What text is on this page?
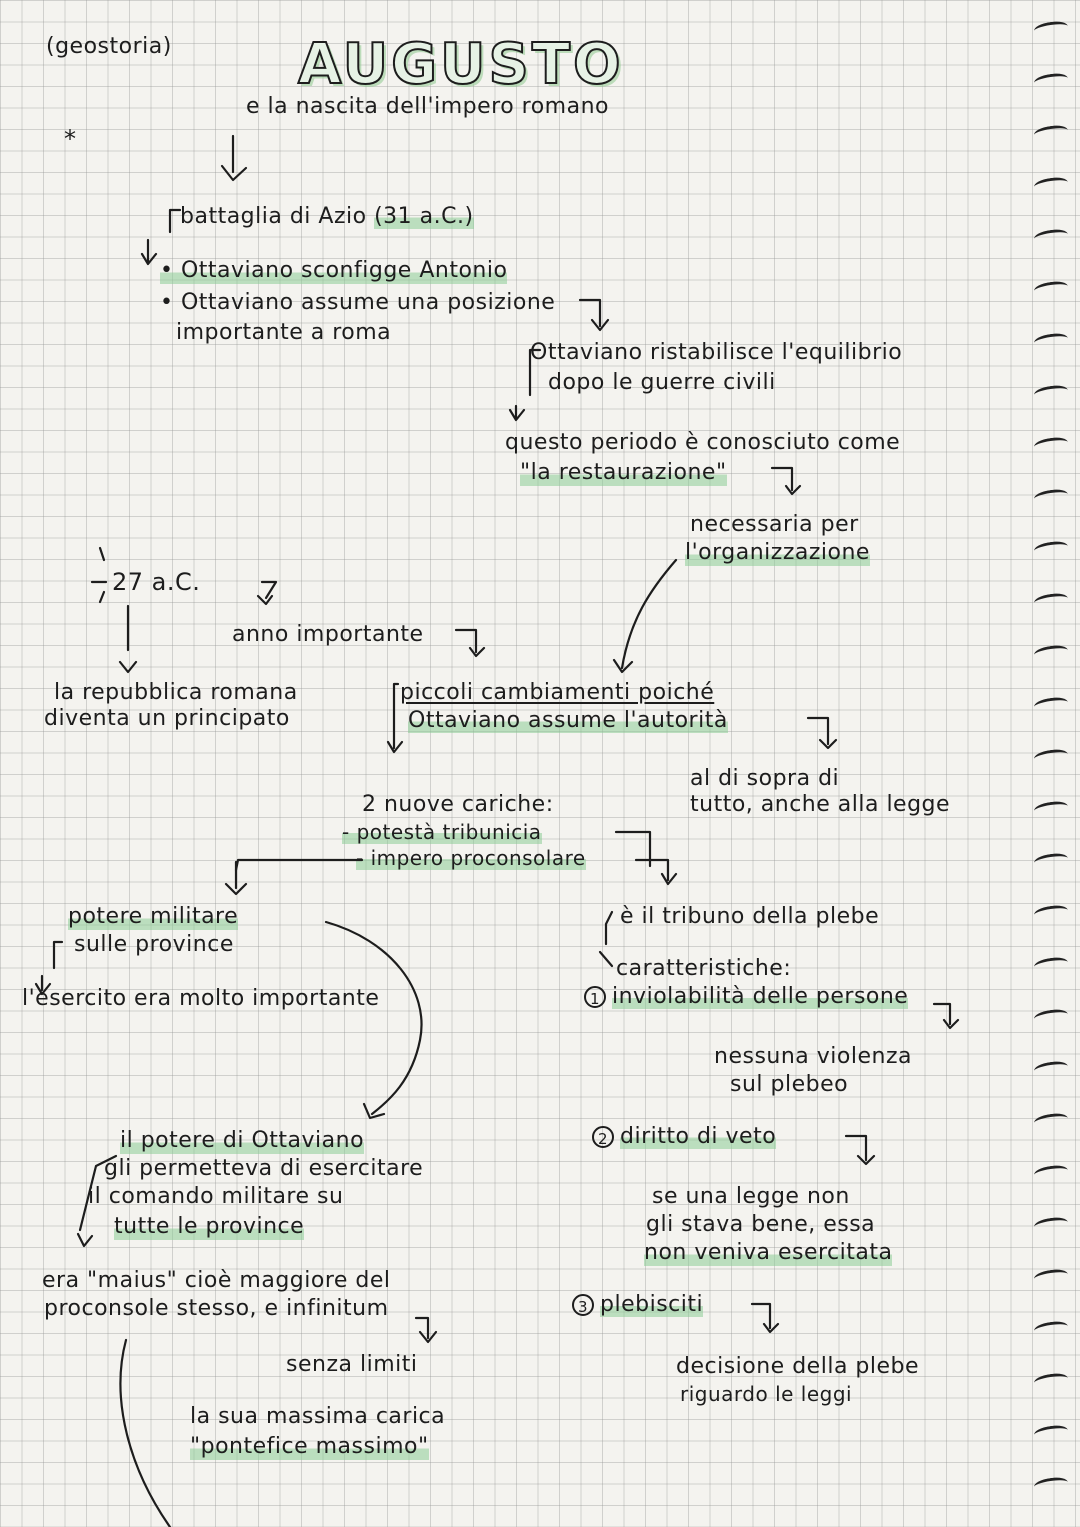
(geostoria) AUGUSTO
e la nascita dell'impero romano
*
battaglia di Azio (31 a.C.)
• Ottaviano sconfigge Antonio
• Ottaviano assume una posizione
importante a roma
Ottaviano ristabilisce l'equilibrio
dopo le guerre civili
questo periodo è conosciuto come
"la restaurazione"
necessaria per
l'organizzazione
27 a.C.
anno importante
la repubblica romana
diventa un principato
piccoli cambiamenti poiché
Ottaviano assume l'autorità
al di sopra di
tutto, anche alla legge
2 nuove cariche:
- potestà tribunicia
- impero proconsolare
potere militare
sulle province
l'esercito era molto importante
il potere di Ottaviano
gli permetteva di esercitare
il comando militare su
tutte le province
era "maius" cioè maggiore del
proconsole stesso, e infinitum
senza limiti
la sua massima carica
"pontefice massimo"
è il tribuno della plebe
caratteristiche:
1 inviolabilità delle persone
nessuna violenza
sul plebeo
2 diritto di veto
se una legge non
gli stava bene, essa
non veniva esercitata
3 plebisciti
decisione della plebe
riguardo le leggi
